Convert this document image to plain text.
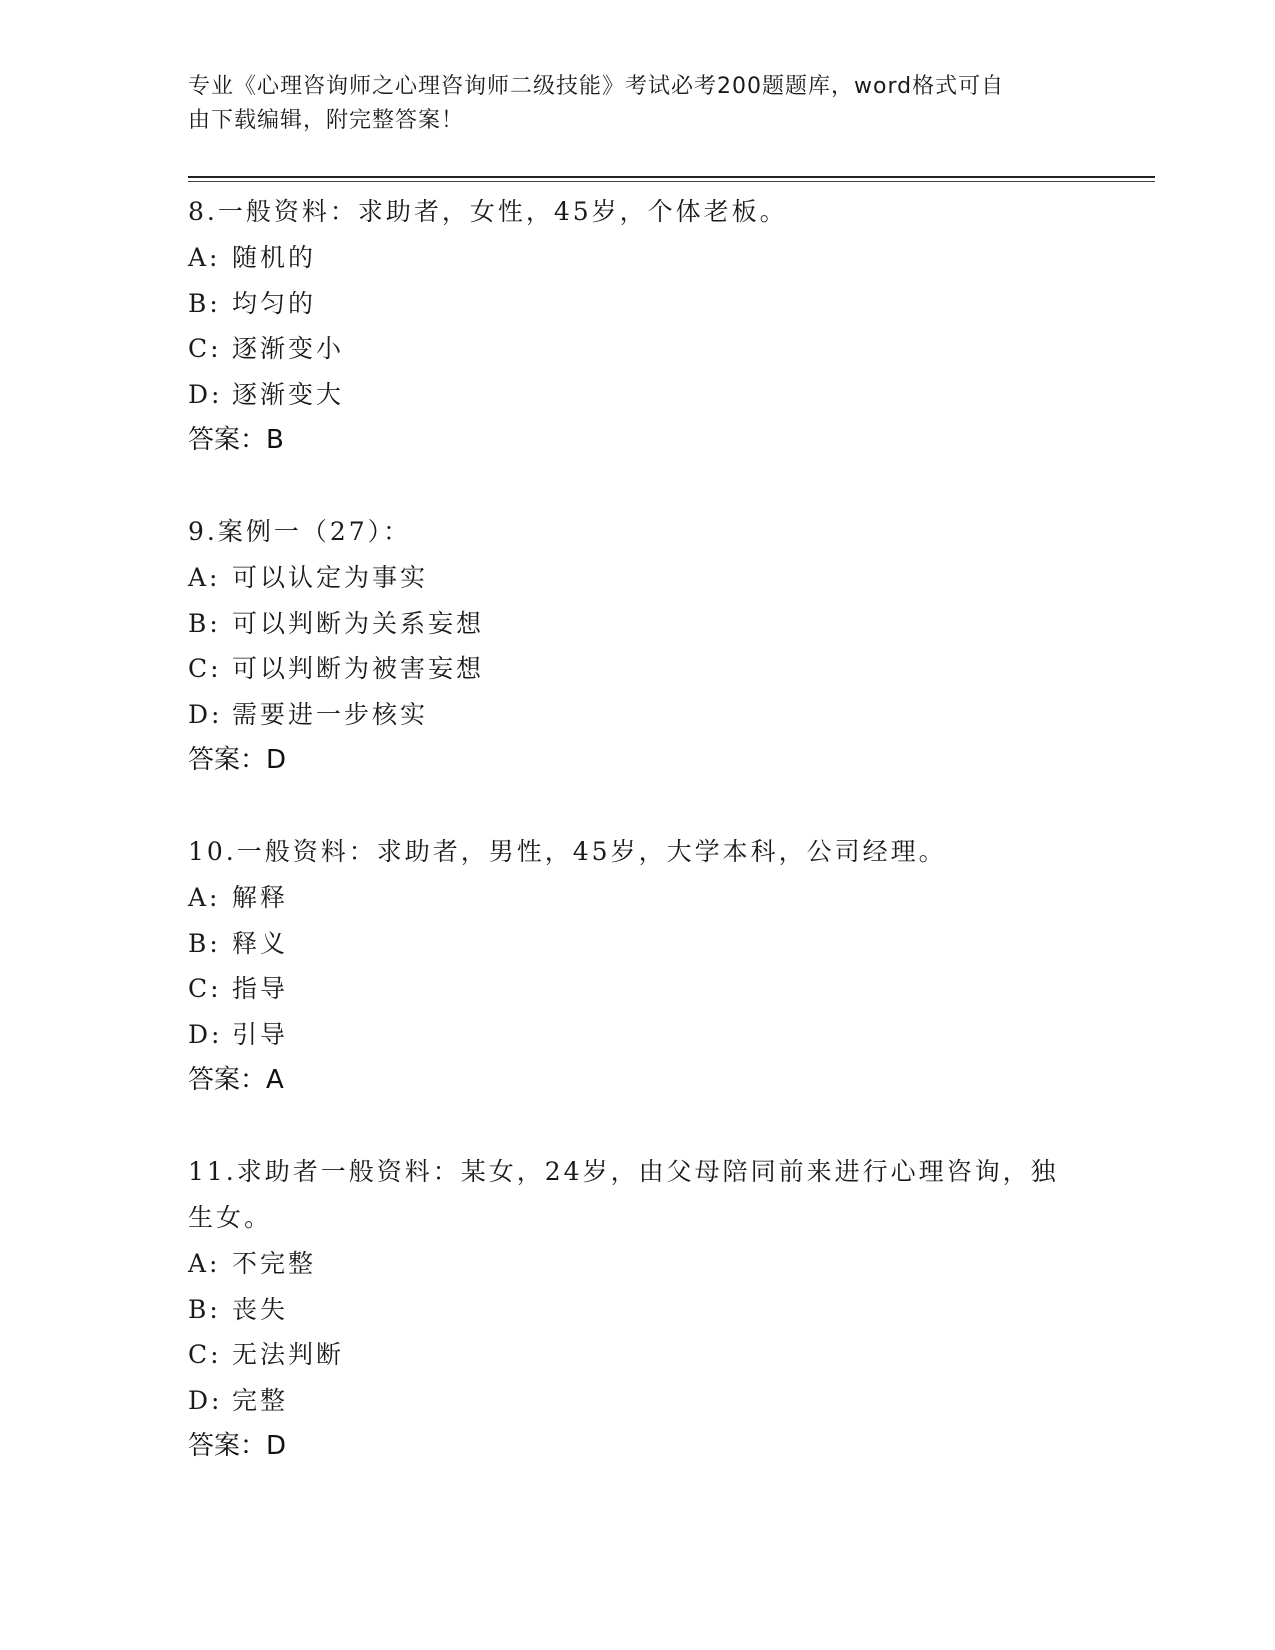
专业《心理咨询师之心理咨询师二级技能》考试必考200题题库，word格式可自
由下载编辑，附完整答案！
8.一般资料：求助者，女性，45岁，个体老板。
A: 随机的
B: 均匀的
C: 逐渐变小
D: 逐渐变大
答案：B
9.案例一（27）：
A: 可以认定为事实
B: 可以判断为关系妄想
C: 可以判断为被害妄想
D: 需要进一步核实
答案：D
10.一般资料：求助者，男性，45岁，大学本科，公司经理。
A: 解释
B: 释义
C: 指导
D: 引导
答案：A
11.求助者一般资料：某女，24岁，由父母陪同前来进行心理咨询，独
生女。
A: 不完整
B: 丧失
C: 无法判断
D: 完整
答案：D
